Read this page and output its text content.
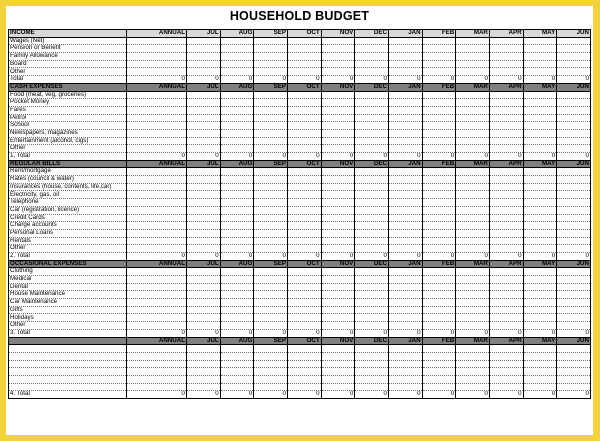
HOUSEHOLD BUDGET
INCOME	ANNUAL	JUL	AUG	SEP	OCT	NOV	DEC	JAN	FEB	MAR	APR	MAY	JUN
Wages (Net)													
Pension or Benefit													
Family Allowance													
Board													
Other													
Total	0	0	0	0	0	0	0	0	0	0	0	0	0
CASH EXPENSES	ANNUAL	JUL	AUG	SEP	OCT	NOV	DEC	JAN	FEB	MAR	APR	MAY	JUN
Food (meat, veg, groceries)													
Pocket Money													
Fares													
Petrol													
School													
Newspapers, magazines													
Entertainment (alcohol, cigs)													
Other													
1. Total	0	0	0	0	0	0	0	0	0	0	0	0	0
REGULAR BILLS	ANNUAL	JUL	AUG	SEP	OCT	NOV	DEC	JAN	FEB	MAR	APR	MAY	JUN
Rent/mortgage													
Rates (council & water)													
Insurances (house, contents, life,car)													
Electricity, gas, oil													
Telephone													
Car (registration, licence)													
Credit Cards													
Charge accounts													
Personal Loans													
Rentals													
Other													
2. Total	0	0	0	0	0	0	0	0	0	0	0	0	0
OCCASIONAL EXPENSES	ANNUAL	JUL	AUG	SEP	OCT	NOV	DEC	JAN	FEB	MAR	APR	MAY	JUN
Clothing													
Medical													
Dental													
House Maintenance													
Car Maintenance													
Gifts													
Holidays													
Other													
3. Total	0	0	0	0	0	0	0	0	0	0	0	0	0
	ANNUAL	JUL	AUG	SEP	OCT	NOV	DEC	JAN	FEB	MAR	APR	MAY	JUN

4. Total	0	0	0	0	0	0	0	0	0	0	0	0	0
